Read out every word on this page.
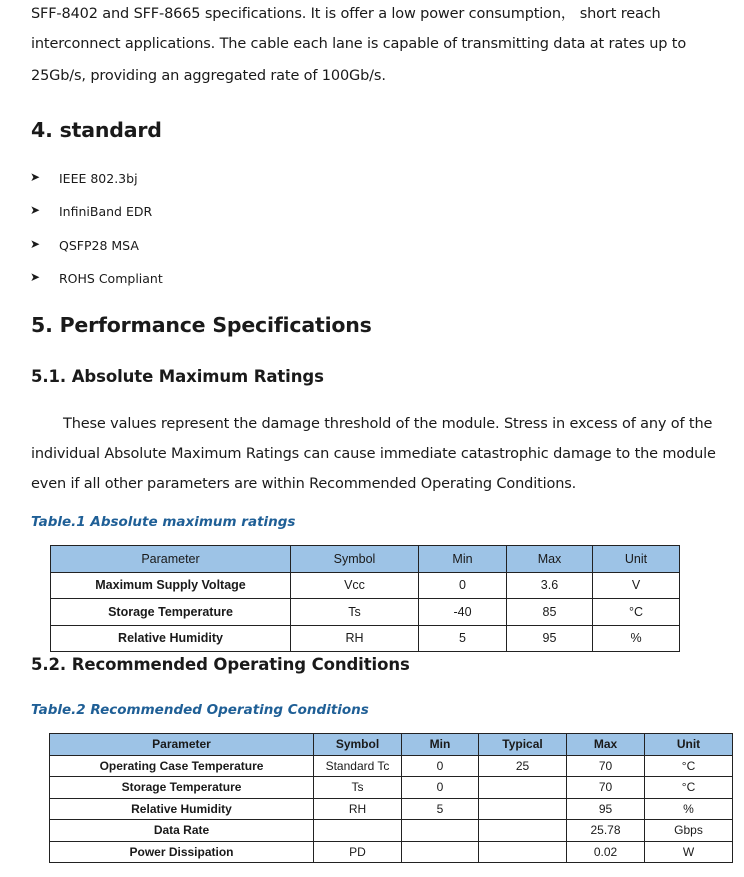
SFF-8402 and SFF-8665 specifications. It is offer a low power consumption， short reach
interconnect applications. The cable each lane is capable of transmitting data at rates up to
25Gb/s, providing an aggregated rate of 100Gb/s.
4. standard
➤ IEEE 802.3bj
➤ InfiniBand EDR
➤ QSFP28 MSA
➤ ROHS Compliant
5. Performance Specifications
5.1. Absolute Maximum Ratings
These values represent the damage threshold of the module. Stress in excess of any of the
individual Absolute Maximum Ratings can cause immediate catastrophic damage to the module
even if all other parameters are within Recommended Operating Conditions.
Table.1 Absolute maximum ratings
Parameter	Symbol	Min	Max	Unit
Maximum Supply Voltage	Vcc	0	3.6	V
Storage Temperature	Ts	-40	85	°C
Relative Humidity	RH	5	95	%
5.2. Recommended Operating Conditions
Table.2 Recommended Operating Conditions
Parameter	Symbol	Min	Typical	Max	Unit
Operating Case Temperature	Standard Tc	0	25	70	°C
Storage Temperature	Ts	0		70	°C
Relative Humidity	RH	5		95	%
Data Rate				25.78	Gbps
Power Dissipation	PD			0.02	W
